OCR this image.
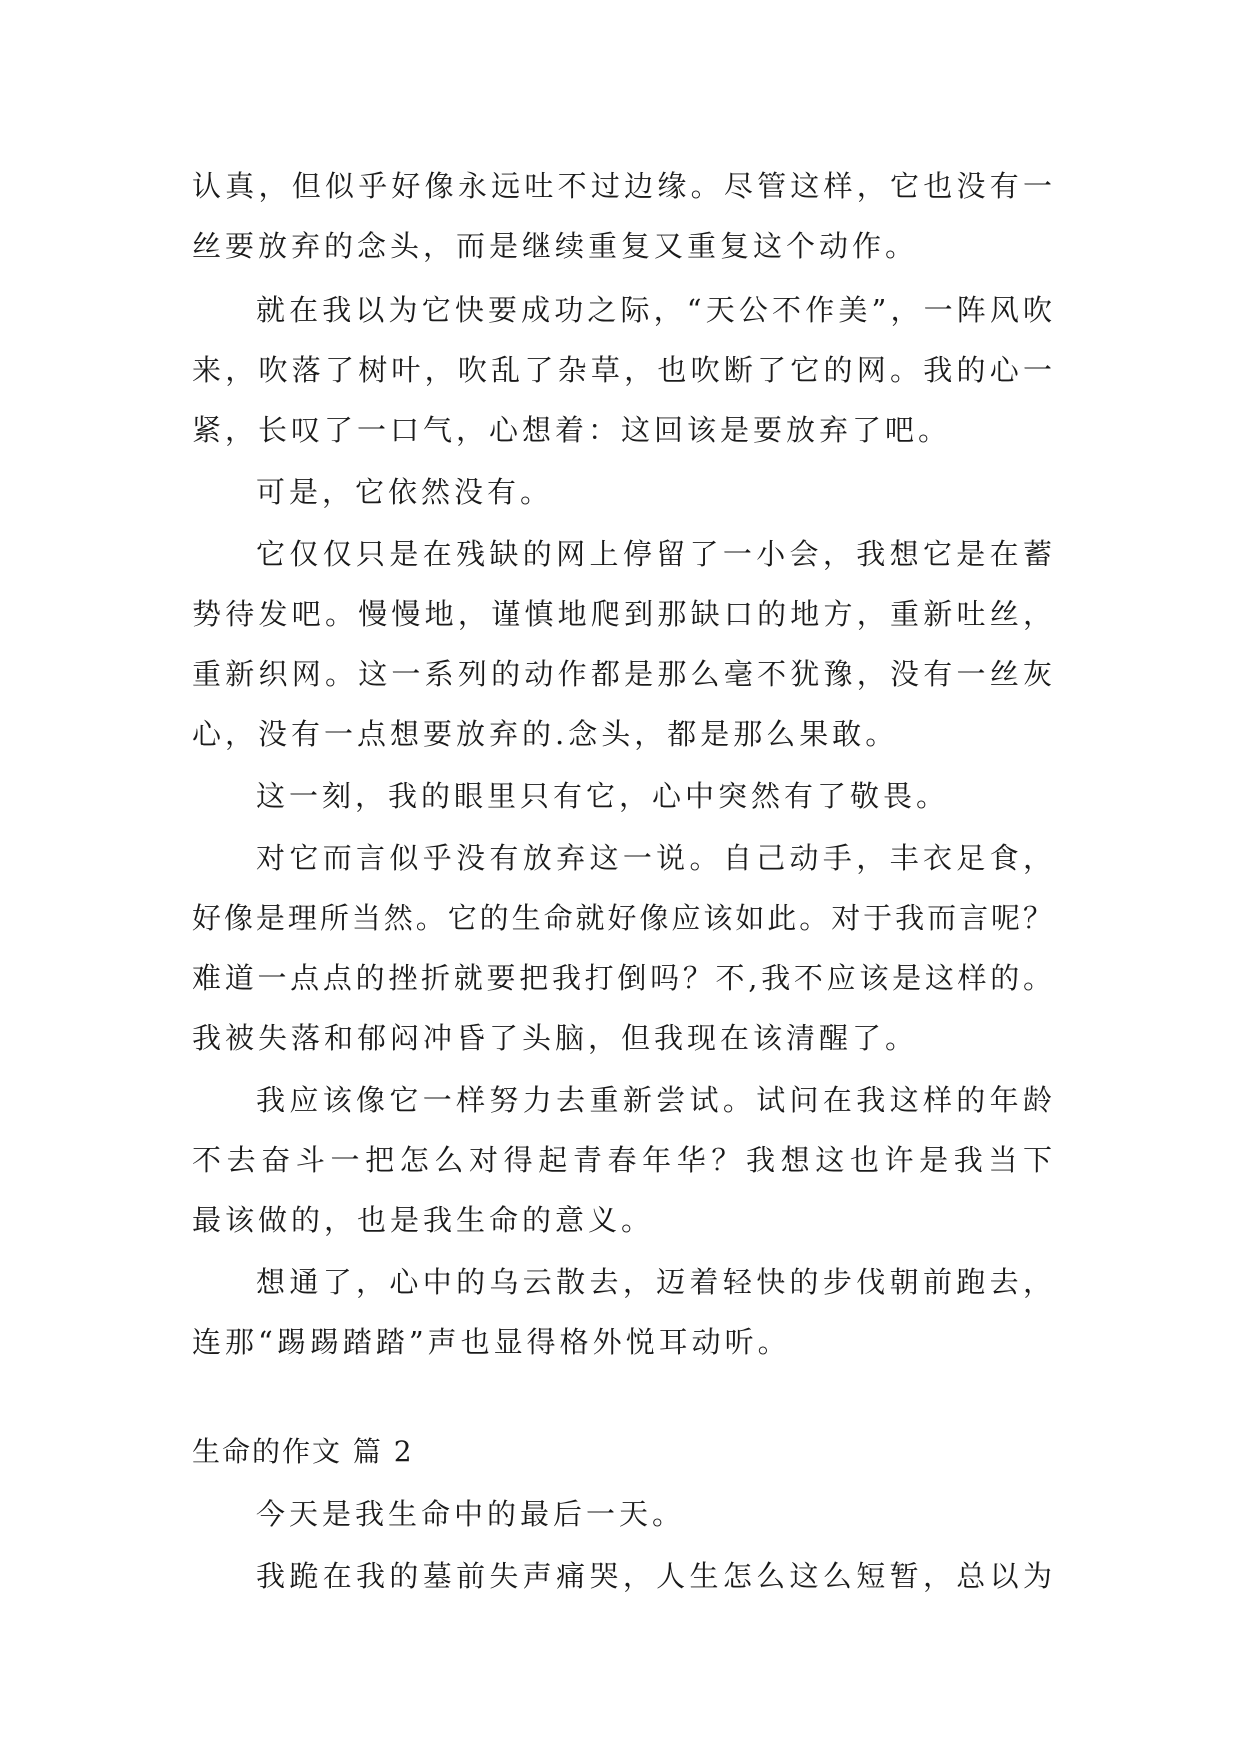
认真，但似乎好像永远吐不过边缘。尽管这样，它也没有一
丝要放弃的念头，而是继续重复又重复这个动作。
就在我以为它快要成功之际，“天公不作美”，一阵风吹
来，吹落了树叶，吹乱了杂草，也吹断了它的网。我的心一
紧，长叹了一口气，心想着：这回该是要放弃了吧。
可是，它依然没有。
它仅仅只是在残缺的网上停留了一小会，我想它是在蓄
势待发吧。慢慢地，谨慎地爬到那缺口的地方，重新吐丝，
重新织网。这一系列的动作都是那么毫不犹豫，没有一丝灰
心，没有一点想要放弃的.念头，都是那么果敢。
这一刻，我的眼里只有它，心中突然有了敬畏。
对它而言似乎没有放弃这一说。自己动手，丰衣足食，
好像是理所当然。它的生命就好像应该如此。对于我而言呢？
难道一点点的挫折就要把我打倒吗？不,我不应该是这样的。
我被失落和郁闷冲昏了头脑，但我现在该清醒了。
我应该像它一样努力去重新尝试。试问在我这样的年龄
不去奋斗一把怎么对得起青春年华？我想这也许是我当下
最该做的，也是我生命的意义。
想通了，心中的乌云散去，迈着轻快的步伐朝前跑去，
连那“踢踢踏踏”声也显得格外悦耳动听。
生命的作文 篇 2
今天是我生命中的最后一天。
我跪在我的墓前失声痛哭，人生怎么这么短暂，总以为
